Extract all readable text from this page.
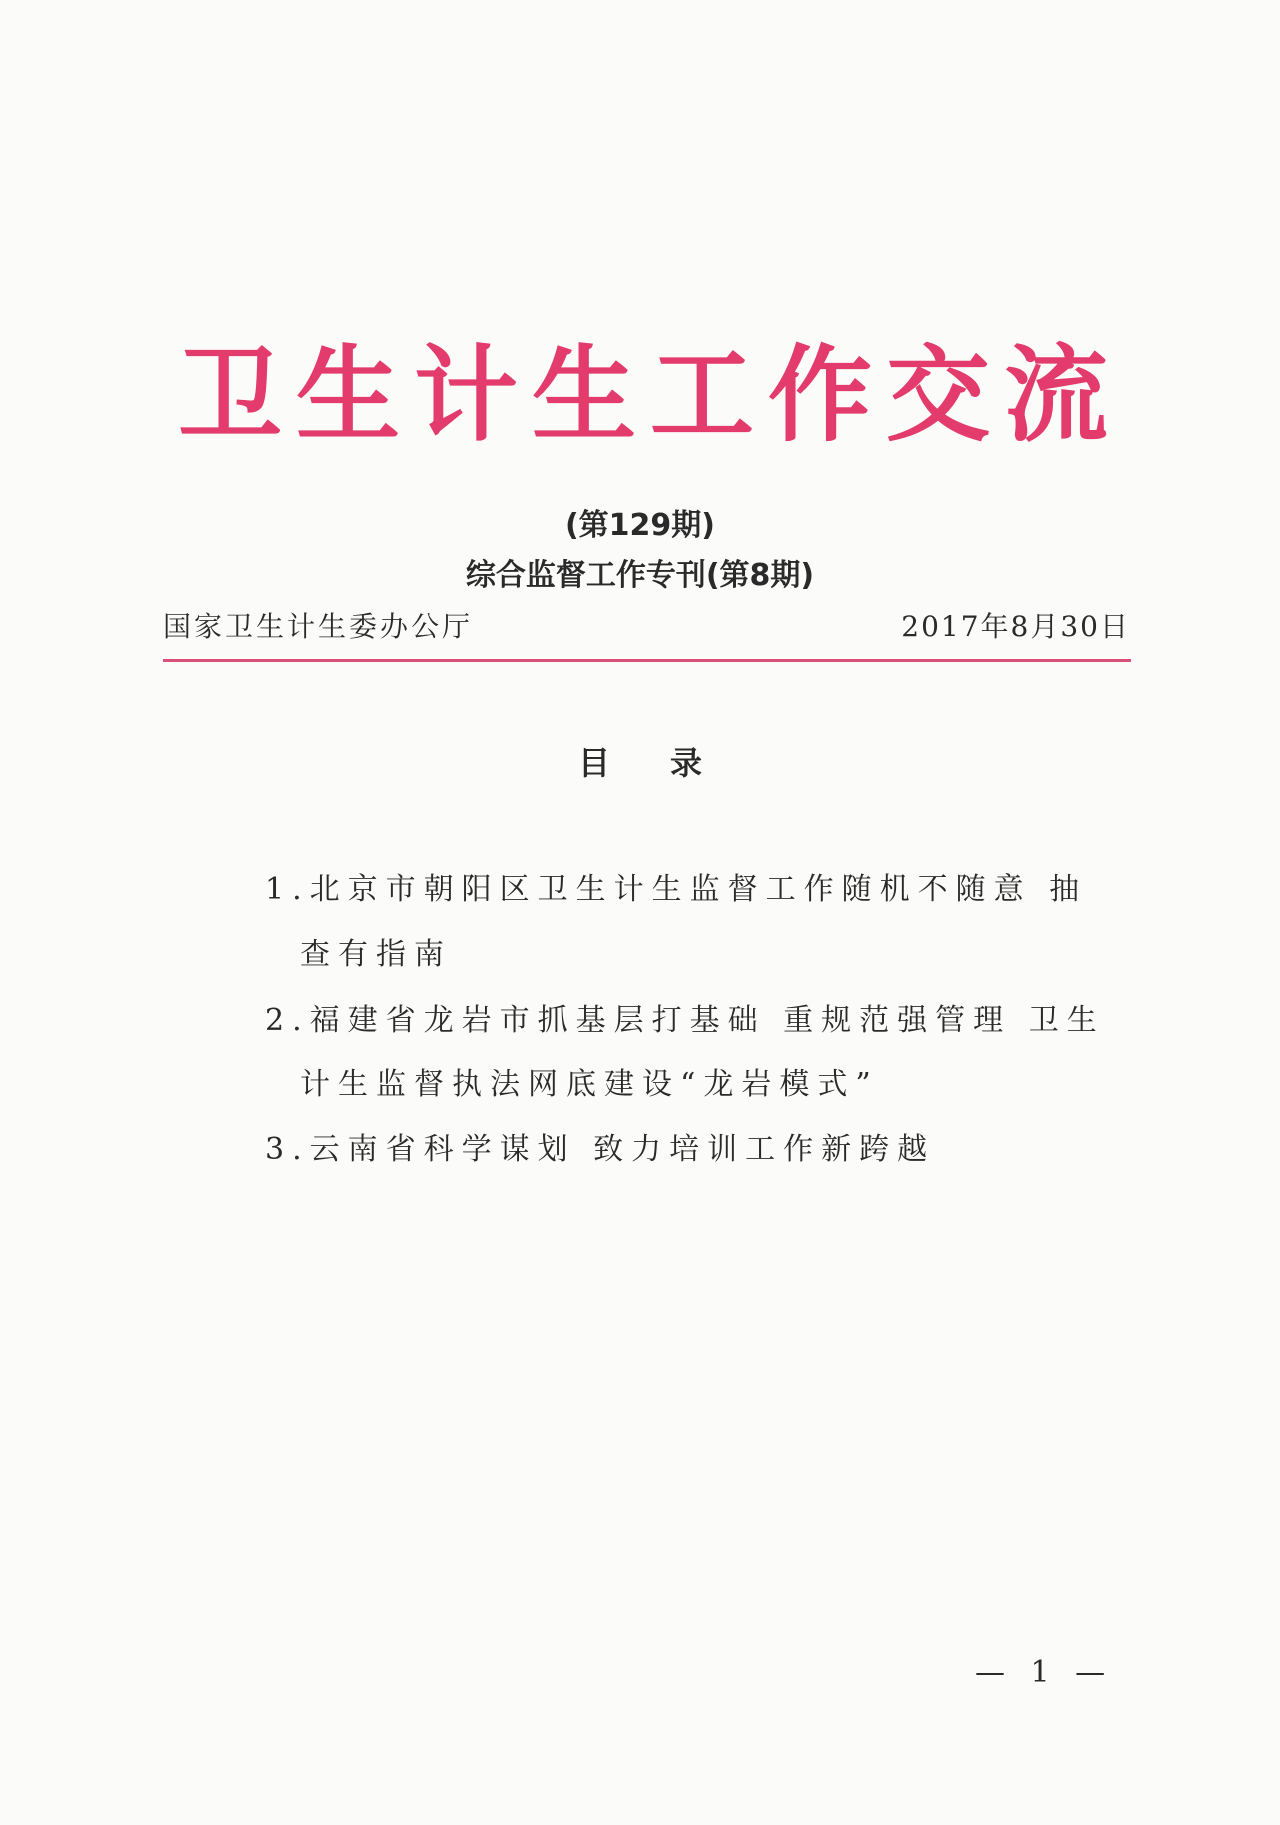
卫生计生工作交流
(第129期)
综合监督工作专刊(第8期)
国家卫生计生委办公厅	2017年8月30日
目录
1.北京市朝阳区卫生计生监督工作随机不随意 抽
查有指南
2.福建省龙岩市抓基层打基础 重规范强管理 卫生
计生监督执法网底建设“龙岩模式”
3.云南省科学谋划 致力培训工作新跨越
— 1 —
